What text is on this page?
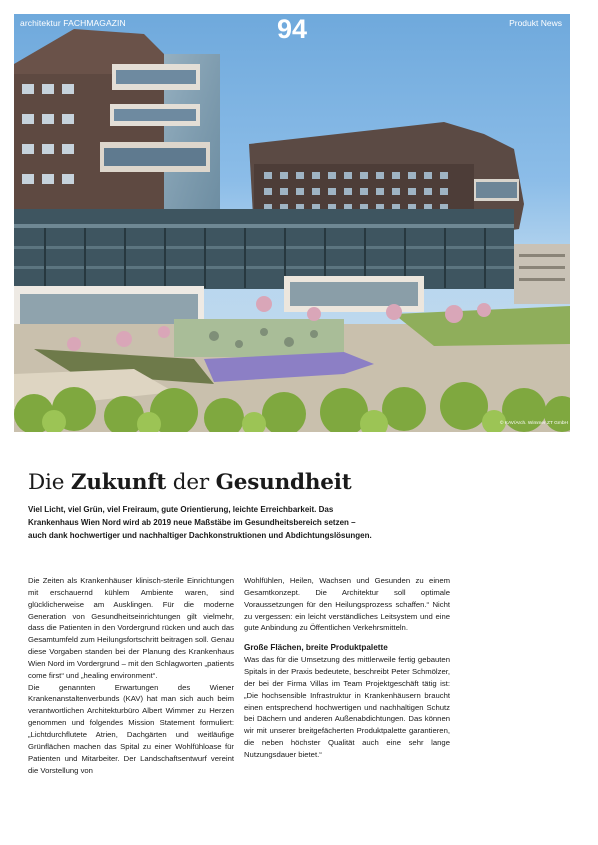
architektur FACHMAGAZIN	94	Produkt News
© KAV/Arch. Wimmer ZT GmbH
Die Zukunft der Gesundheit

Viel Licht, viel Grün, viel Freiraum, gute Orientierung, leichte Erreichbarkeit. Das Krankenhaus Wien Nord wird ab 2019 neue Maßstäbe im Gesundheitsbereich setzen – auch dank hochwertiger und nachhaltiger Dachkonstruktionen und Abdichtungslösungen.

Die Zeiten als Krankenhäuser klinisch-sterile Einrichtungen mit erschauernd kühlem Ambiente waren, sind glücklicherweise am Ausklingen. Für die moderne Generation von Gesundheitseinrichtungen gilt vielmehr, dass die Patienten in den Vordergrund rücken und auch das Gesamtumfeld zum Heilungsfortschritt beitragen soll. Genau diese Vorgaben standen bei der Planung des Krankenhaus Wien Nord im Vordergrund – mit den Schlagworten „patients come first“ und „healing environment“.

Die genannten Erwartungen des Wiener Krankenanstaltenverbunds (KAV) hat man sich auch beim verantwortlichen Architekturbüro Albert Wimmer zu Herzen genommen und folgendes Mission Statement formuliert: „Lichtdurchflutete Atrien, Dachgärten und weitläufige Grünflächen machen das Spital zu einer Wohlfühloase für Patienten und Mitarbeiter. Der Landschaftsentwurf vereint die Vorstellung von

Wohlfühlen, Heilen, Wachsen und Gesunden zu einem Gesamtkonzept. Die Architektur soll optimale Voraussetzungen für den Heilungsprozess schaffen.“ Nicht zu vergessen: ein leicht verständliches Leitsystem und eine gute Anbindung zu Öffentlichen Verkehrsmitteln.

Große Flächen, breite Produktpalette

Was das für die Umsetzung des mittlerweile fertig gebauten Spitals in der Praxis bedeutete, beschreibt Peter Schmölzer, der bei der Firma Villas im Team Projektgeschäft tätig ist: „Die hochsensible Infrastruktur in Krankenhäusern braucht einen entsprechend hochwertigen und nachhaltigen Schutz bei Dächern und anderen Außenabdichtungen. Das können wir mit unserer breitgefächerten Produktpalette garantieren, die neben höchster Qualität auch eine sehr lange Nutzungsdauer bietet.“
